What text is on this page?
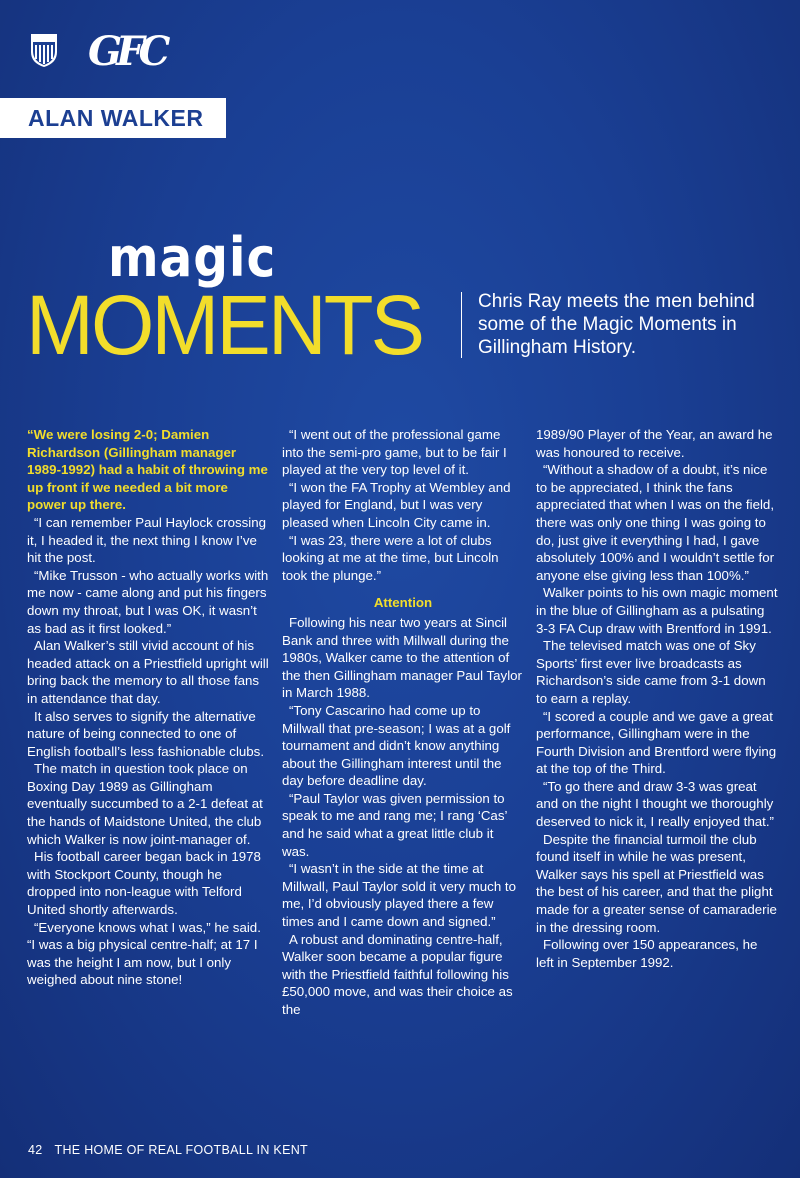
GFC
ALAN WALKER
magic
MOMENTS	Chris Ray meets the men behind some of the Magic Moments in Gillingham History.

“We were losing 2-0; Damien Richardson (Gillingham manager 1989-1992) had a habit of throwing me up front if we needed a bit more power up there.

“I can remember Paul Haylock crossing it, I headed it, the next thing I know I’ve hit the post.

“Mike Trusson - who actually works with me now - came along and put his fingers down my throat, but I was OK, it wasn’t as bad as it first looked.”

Alan Walker’s still vivid account of his headed attack on a Priestfield upright will bring back the memory to all those fans in attendance that day.

It also serves to signify the alternative nature of being connected to one of English football’s less fashionable clubs.

The match in question took place on Boxing Day 1989 as Gillingham eventually succumbed to a 2-1 defeat at the hands of Maidstone United, the club which Walker is now joint-manager of.

His football career began back in 1978 with Stockport County, though he dropped into non-league with Telford United shortly afterwards.

“Everyone knows what I was,” he said. “I was a big physical centre-half; at 17 I was the height I am now, but I only weighed about nine stone!

“I went out of the professional game into the semi-pro game, but to be fair I played at the very top level of it.

“I won the FA Trophy at Wembley and played for England, but I was very pleased when Lincoln City came in.

“I was 23, there were a lot of clubs looking at me at the time, but Lincoln took the plunge.”

Attention

Following his near two years at Sincil Bank and three with Millwall during the 1980s, Walker came to the attention of the then Gillingham manager Paul Taylor in March 1988.

“Tony Cascarino had come up to Millwall that pre-season; I was at a golf tournament and didn’t know anything about the Gillingham interest until the day before deadline day.

“Paul Taylor was given permission to speak to me and rang me; I rang ‘Cas’ and he said what a great little club it was.

“I wasn’t in the side at the time at Millwall, Paul Taylor sold it very much to me, I’d obviously played there a few times and I came down and signed.”

A robust and dominating centre-half, Walker soon became a popular figure with the Priestfield faithful following his £50,000 move, and was their choice as the

1989/90 Player of the Year, an award he was honoured to receive.

“Without a shadow of a doubt, it’s nice to be appreciated, I think the fans appreciated that when I was on the field, there was only one thing I was going to do, just give it everything I had, I gave absolutely 100% and I wouldn’t settle for anyone else giving less than 100%.”

Walker points to his own magic moment in the blue of Gillingham as a pulsating 3-3 FA Cup draw with Brentford in 1991.

The televised match was one of Sky Sports’ first ever live broadcasts as Richardson’s side came from 3-1 down to earn a replay.

“I scored a couple and we gave a great performance, Gillingham were in the Fourth Division and Brentford were flying at the top of the Third.

“To go there and draw 3-3 was great and on the night I thought we thoroughly deserved to nick it, I really enjoyed that.”

Despite the financial turmoil the club found itself in while he was present, Walker says his spell at Priestfield was the best of his career, and that the plight made for a greater sense of camaraderie in the dressing room.

Following over 150 appearances, he left in September 1992.

42 THE HOME OF REAL FOOTBALL IN KENT
